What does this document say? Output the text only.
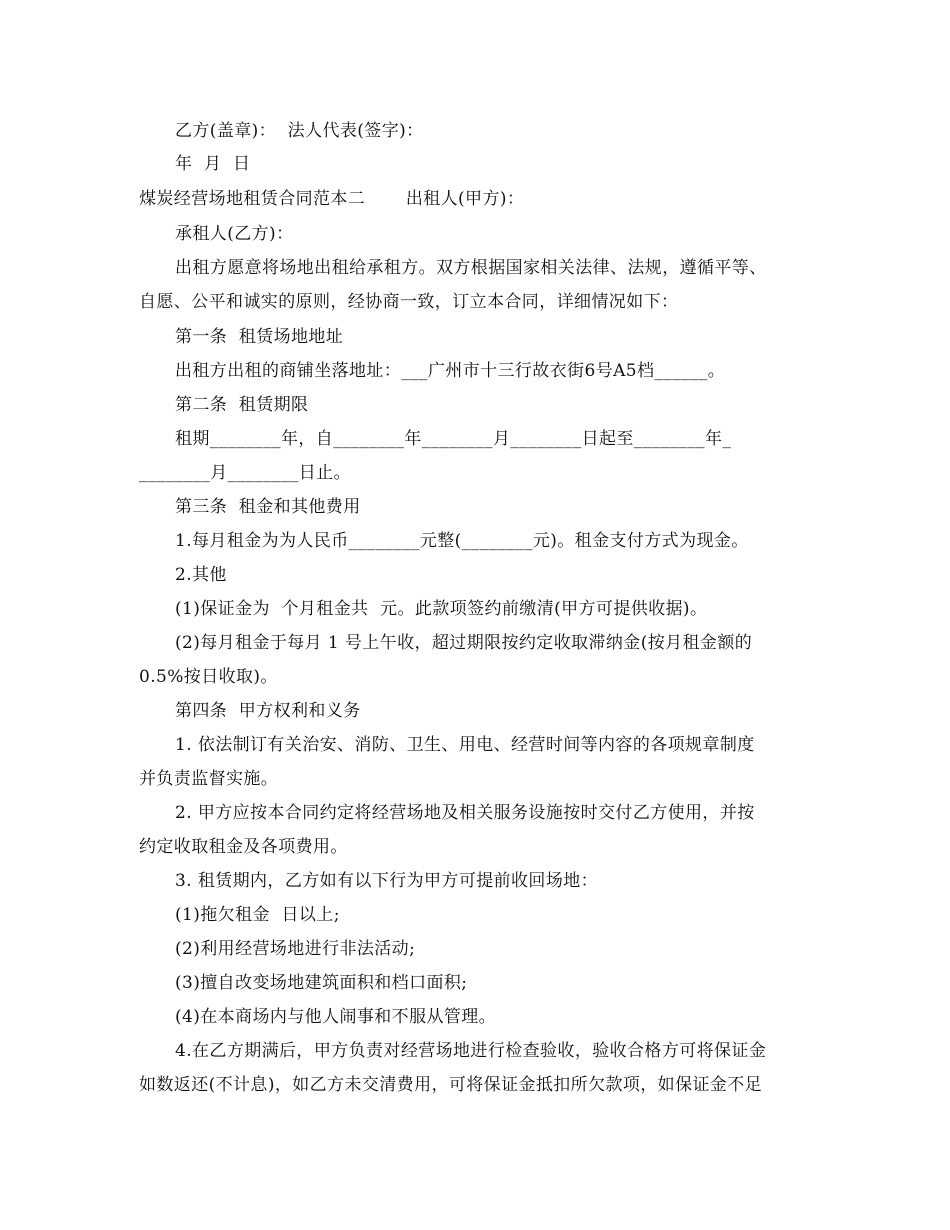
乙方(盖章)：  法人代表(签字)：
年  月  日
煤炭经营场地租赁合同范本二       出租人(甲方)：
承租人(乙方)：
出租方愿意将场地出租给承租方。双方根据国家相关法律、法规，遵循平等、
自愿、公平和诚实的原则，经协商一致，订立本合同，详细情况如下：
第一条  租赁场地地址
出租方出租的商铺坐落地址：___广州市十三行故衣街6号A5档______。
第二条  租赁期限
租期________年，自________年________月________日起至________年_
________月________日止。
第三条  租金和其他费用
1.每月租金为为人民币________元整(________元)。租金支付方式为现金。
2.其他
(1)保证金为  个月租金共  元。此款项签约前缴清(甲方可提供收据)。
(2)每月租金于每月 1 号上午收，超过期限按约定收取滞纳金(按月租金额的
0.5%按日收取)。
第四条  甲方权利和义务
1. 依法制订有关治安、消防、卫生、用电、经营时间等内容的各项规章制度
并负责监督实施。
2. 甲方应按本合同约定将经营场地及相关服务设施按时交付乙方使用，并按
约定收取租金及各项费用。
3. 租赁期内，乙方如有以下行为甲方可提前收回场地：
(1)拖欠租金  日以上;
(2)利用经营场地进行非法活动;
(3)擅自改变场地建筑面积和档口面积;
(4)在本商场内与他人闹事和不服从管理。
4.在乙方期满后，甲方负责对经营场地进行检查验收，验收合格方可将保证金
如数返还(不计息)，如乙方未交清费用，可将保证金抵扣所欠款项，如保证金不足
